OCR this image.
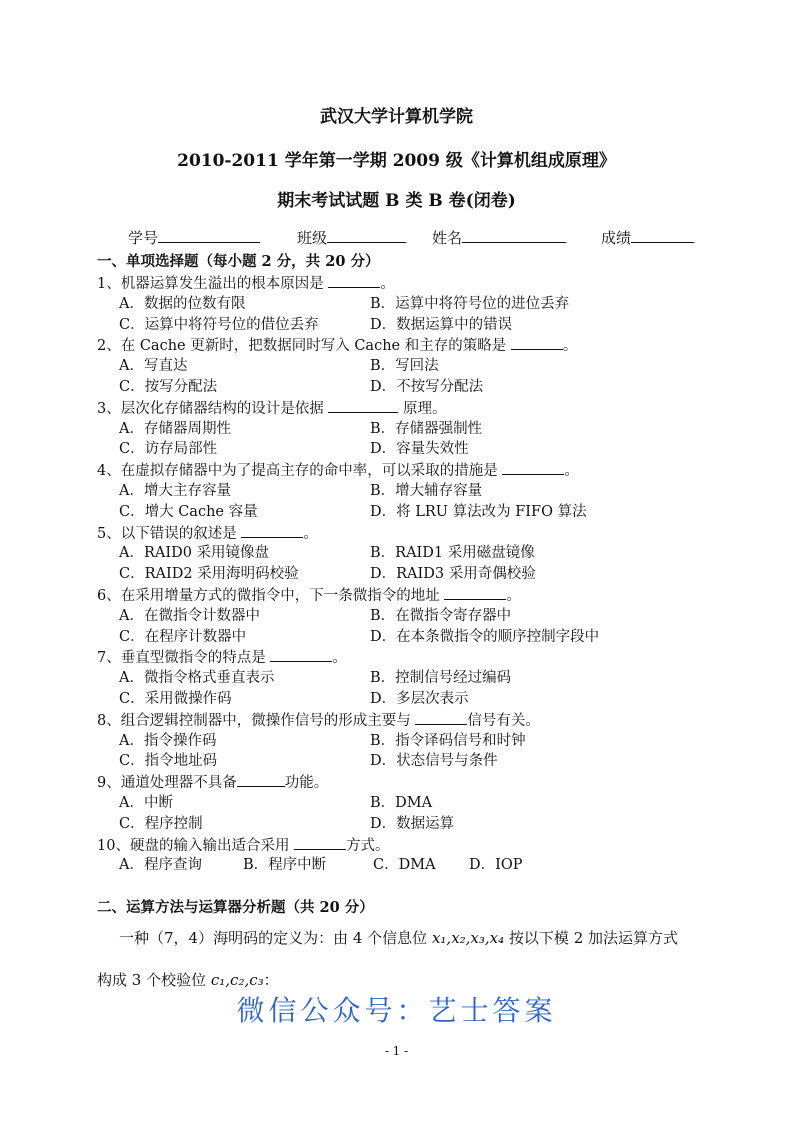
武汉大学计算机学院
2010-2011 学年第一学期 2009 级《计算机组成原理》
期末考试试题 B 类 B 卷(闭卷)
学号	班级	姓名	成绩
一、单项选择题（每小题 2 分，共 20 分）
1、机器运算发生溢出的根本原因是	。
A．数据的位数有限	B．运算中将符号位的进位丢弃
C．运算中将符号位的借位丢弃	D．数据运算中的错误
2、在 Cache 更新时，把数据同时写入 Cache 和主存的策略是	。
A．写直达	B．写回法
C．按写分配法	D．不按写分配法
3、层次化存储器结构的设计是依据	原理。
A．存储器周期性	B．存储器强制性
C．访存局部性	D．容量失效性
4、在虚拟存储器中为了提高主存的命中率，可以采取的措施是	。
A．增大主存容量	B．增大辅存容量
C．增大 Cache 容量	D．将 LRU 算法改为 FIFO 算法
5、以下错误的叙述是	。
A．RAID0 采用镜像盘	B．RAID1 采用磁盘镜像
C．RAID2 采用海明码校验	D．RAID3 采用奇偶校验
6、在采用增量方式的微指令中，下一条微指令的地址	。
A．在微指令计数器中	B．在微指令寄存器中
C．在程序计数器中	D．在本条微指令的顺序控制字段中
7、垂直型微指令的特点是	。
A．微指令格式垂直表示	B．控制信号经过编码
C．采用微操作码	D．多层次表示
8、组合逻辑控制器中，微操作信号的形成主要与	信号有关。
A．指令操作码	B．指令译码信号和时钟
C．指令地址码	D．状态信号与条件
9、通道处理器不具备	功能。
A．中断	B．DMA
C．程序控制	D．数据运算
10、硬盘的输入输出适合采用	方式。
A．程序查询	B．程序中断	C．DMA D．IOP
二、运算方法与运算器分析题（共 20 分）
一种（7，4）海明码的定义为：由 4 个信息位 x₁,x₂,x₃,x₄ 按以下模 2 加法运算方式
构成 3 个校验位 c₁,c₂,c₃：
微信公众号：艺士答案
- 1 -
